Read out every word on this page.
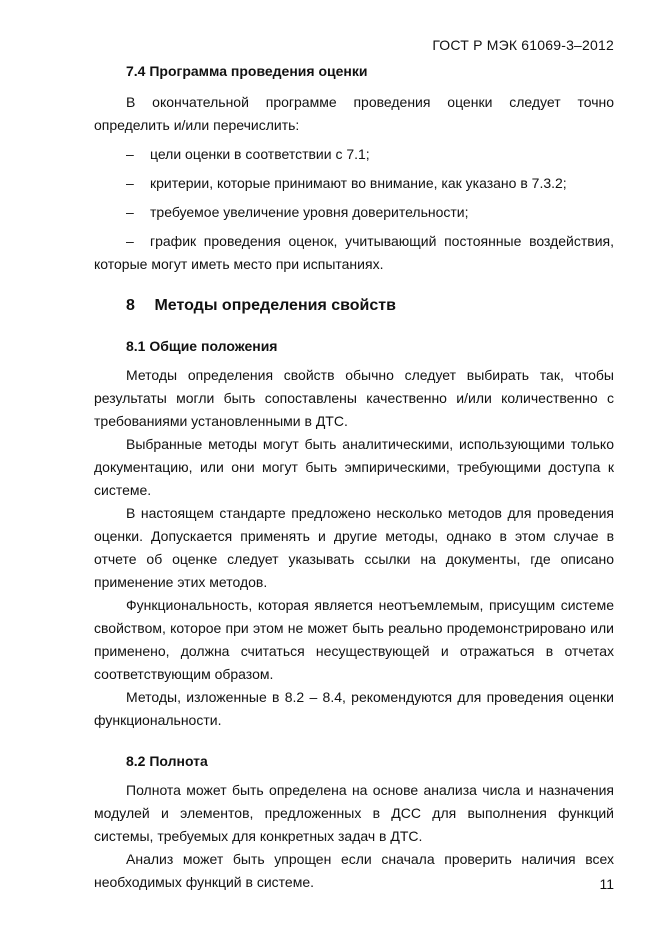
ГОСТ Р МЭК 61069-3–2012
7.4 Программа проведения оценки

В окончательной программе проведения оценки следует точно определить и/или перечислить:

– цели оценки в соответствии с 7.1;
– критерии, которые принимают во внимание, как указано в 7.3.2;
– требуемое увеличение уровня доверительности;
– график проведения оценок, учитывающий постоянные воздействия, которые могут иметь место при испытаниях.
8 Методы определения свойств
8.1 Общие положения

Методы определения свойств обычно следует выбирать так, чтобы результаты могли быть сопоставлены качественно и/или количественно с требованиями установленными в ДТС.

Выбранные методы могут быть аналитическими, использующими только документацию, или они могут быть эмпирическими, требующими доступа к системе.

В настоящем стандарте предложено несколько методов для проведения оценки. Допускается применять и другие методы, однако в этом случае в отчете об оценке следует указывать ссылки на документы, где описано применение этих методов.

Функциональность, которая является неотъемлемым, присущим системе свойством, которое при этом не может быть реально продемонстрировано или применено, должна считаться несуществующей и отражаться в отчетах соответствующим образом.

Методы, изложенные в 8.2 – 8.4, рекомендуются для проведения оценки функциональности.

8.2 Полнота

Полнота может быть определена на основе анализа числа и назначения модулей и элементов, предложенных в ДСС для выполнения функций системы, требуемых для конкретных задач в ДТС.

Анализ может быть упрощен если сначала проверить наличия всех необходимых функций в системе.	11
